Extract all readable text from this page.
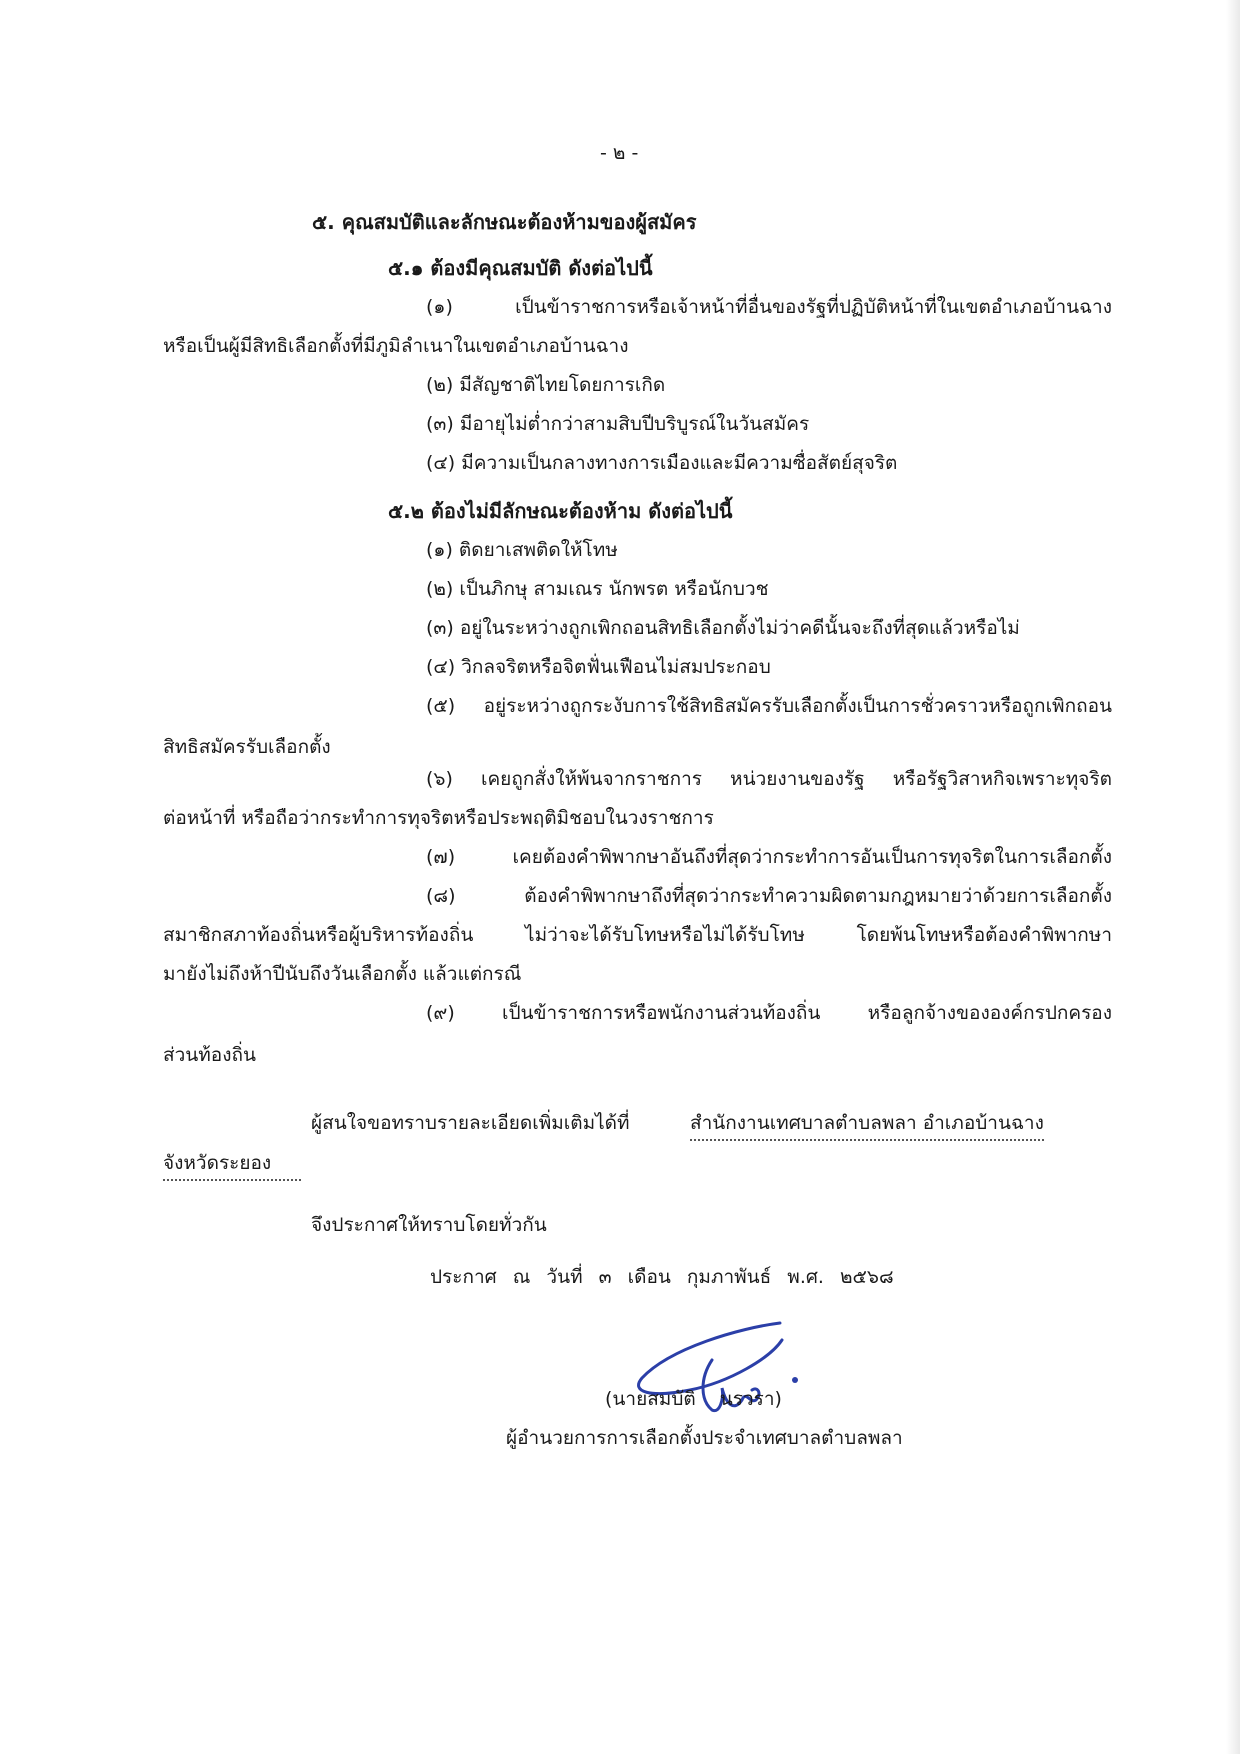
- ๒ -
๕. คุณสมบัติและลักษณะต้องห้ามของผู้สมัคร
๕.๑ ต้องมีคุณสมบัติ ดังต่อไปนี้
(๑) เป็นข้าราชการหรือเจ้าหน้าที่อื่นของรัฐที่ปฏิบัติหน้าที่ในเขตอำเภอบ้านฉาง
หรือเป็นผู้มีสิทธิเลือกตั้งที่มีภูมิลำเนาในเขตอำเภอบ้านฉาง
(๒) มีสัญชาติไทยโดยการเกิด
(๓) มีอายุไม่ต่ำกว่าสามสิบปีบริบูรณ์ในวันสมัคร
(๔) มีความเป็นกลางทางการเมืองและมีความซื่อสัตย์สุจริต
๕.๒ ต้องไม่มีลักษณะต้องห้าม ดังต่อไปนี้
(๑) ติดยาเสพติดให้โทษ
(๒) เป็นภิกษุ สามเณร นักพรต หรือนักบวช
(๓) อยู่ในระหว่างถูกเพิกถอนสิทธิเลือกตั้งไม่ว่าคดีนั้นจะถึงที่สุดแล้วหรือไม่
(๔) วิกลจริตหรือจิตฟั่นเฟือนไม่สมประกอบ
(๕) อยู่ระหว่างถูกระงับการใช้สิทธิสมัครรับเลือกตั้งเป็นการชั่วคราวหรือถูกเพิกถอน
สิทธิสมัครรับเลือกตั้ง
(๖) เคยถูกสั่งให้พ้นจากราชการ หน่วยงานของรัฐ หรือรัฐวิสาหกิจเพราะทุจริต
ต่อหน้าที่ หรือถือว่ากระทำการทุจริตหรือประพฤติมิชอบในวงราชการ
(๗) เคยต้องคำพิพากษาอันถึงที่สุดว่ากระทำการอันเป็นการทุจริตในการเลือกตั้ง
(๘) ต้องคำพิพากษาถึงที่สุดว่ากระทำความผิดตามกฎหมายว่าด้วยการเลือกตั้ง
สมาชิกสภาท้องถิ่นหรือผู้บริหารท้องถิ่น ไม่ว่าจะได้รับโทษหรือไม่ได้รับโทษ โดยพ้นโทษหรือต้องคำพิพากษา
มายังไม่ถึงห้าปีนับถึงวันเลือกตั้ง แล้วแต่กรณี
(๙) เป็นข้าราชการหรือพนักงานส่วนท้องถิ่น หรือลูกจ้างขององค์กรปกครอง
ส่วนท้องถิ่น
ผู้สนใจขอทราบรายละเอียดเพิ่มเติมได้ที่	สำนักงานเทศบาลตำบลพลา อำเภอบ้านฉาง
จังหวัดระยอง
จึงประกาศให้ทราบโดยทั่วกัน
ประกาศ ณ วันที่ ๓ เดือน กุมภาพันธ์ พ.ศ. ๒๕๖๘
(นายสมบัติ นรวรา)
ผู้อำนวยการการเลือกตั้งประจำเทศบาลตำบลพลา
